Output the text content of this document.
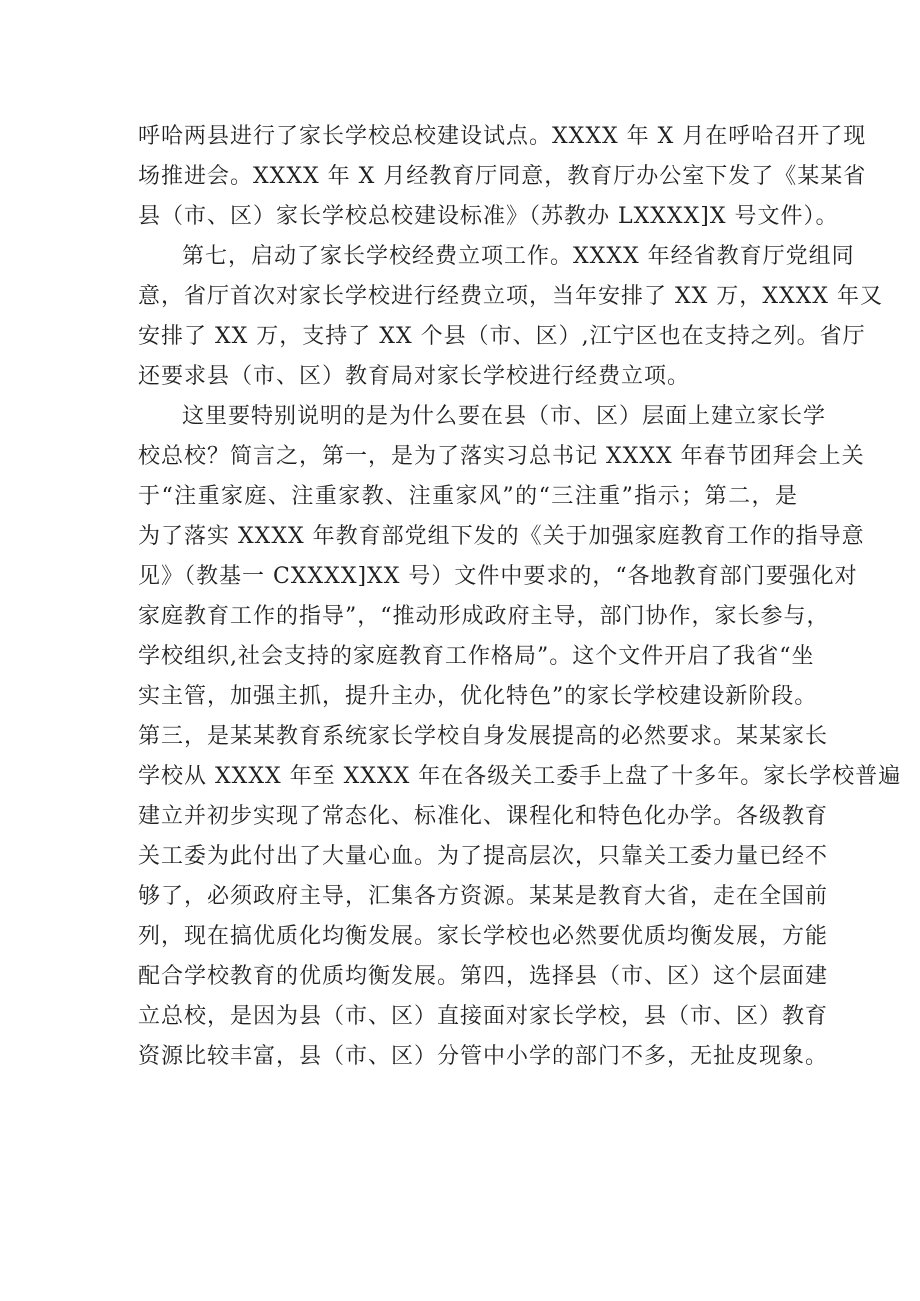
呼哈两县进行了家长学校总校建设试点。XXXX 年 X 月在呼哈召开了现
场推进会。XXXX 年 X 月经教育厅同意，教育厅办公室下发了《某某省
县（市、区）家长学校总校建设标准》（苏教办 LXXXX]X 号文件）。
第七，启动了家长学校经费立项工作。XXXX 年经省教育厅党组同
意，省厅首次对家长学校进行经费立项，当年安排了 XX 万，XXXX 年又
安排了 XX 万，支持了 XX 个县（市、区）,江宁区也在支持之列。省厅
还要求县（市、区）教育局对家长学校进行经费立项。
这里要特别说明的是为什么要在县（市、区）层面上建立家长学
校总校？简言之，第一，是为了落实习总书记 XXXX 年春节团拜会上关
于“注重家庭、注重家教、注重家风”的“三注重”指示；第二，是
为了落实 XXXX 年教育部党组下发的《关于加强家庭教育工作的指导意
见》（教基一 CXXXX]XX 号）文件中要求的，“各地教育部门要强化对
家庭教育工作的指导”，“推动形成政府主导，部门协作，家长参与，
学校组织,社会支持的家庭教育工作格局”。这个文件开启了我省“坐
实主管，加强主抓，提升主办，优化特色”的家长学校建设新阶段。
第三，是某某教育系统家长学校自身发展提高的必然要求。某某家长
学校从 XXXX 年至 XXXX 年在各级关工委手上盘了十多年。家长学校普遍
建立并初步实现了常态化、标准化、课程化和特色化办学。各级教育
关工委为此付出了大量心血。为了提高层次，只靠关工委力量已经不
够了，必须政府主导，汇集各方资源。某某是教育大省，走在全国前
列，现在搞优质化均衡发展。家长学校也必然要优质均衡发展，方能
配合学校教育的优质均衡发展。第四，选择县（市、区）这个层面建
立总校，是因为县（市、区）直接面对家长学校，县（市、区）教育
资源比较丰富，县（市、区）分管中小学的部门不多，无扯皮现象。
